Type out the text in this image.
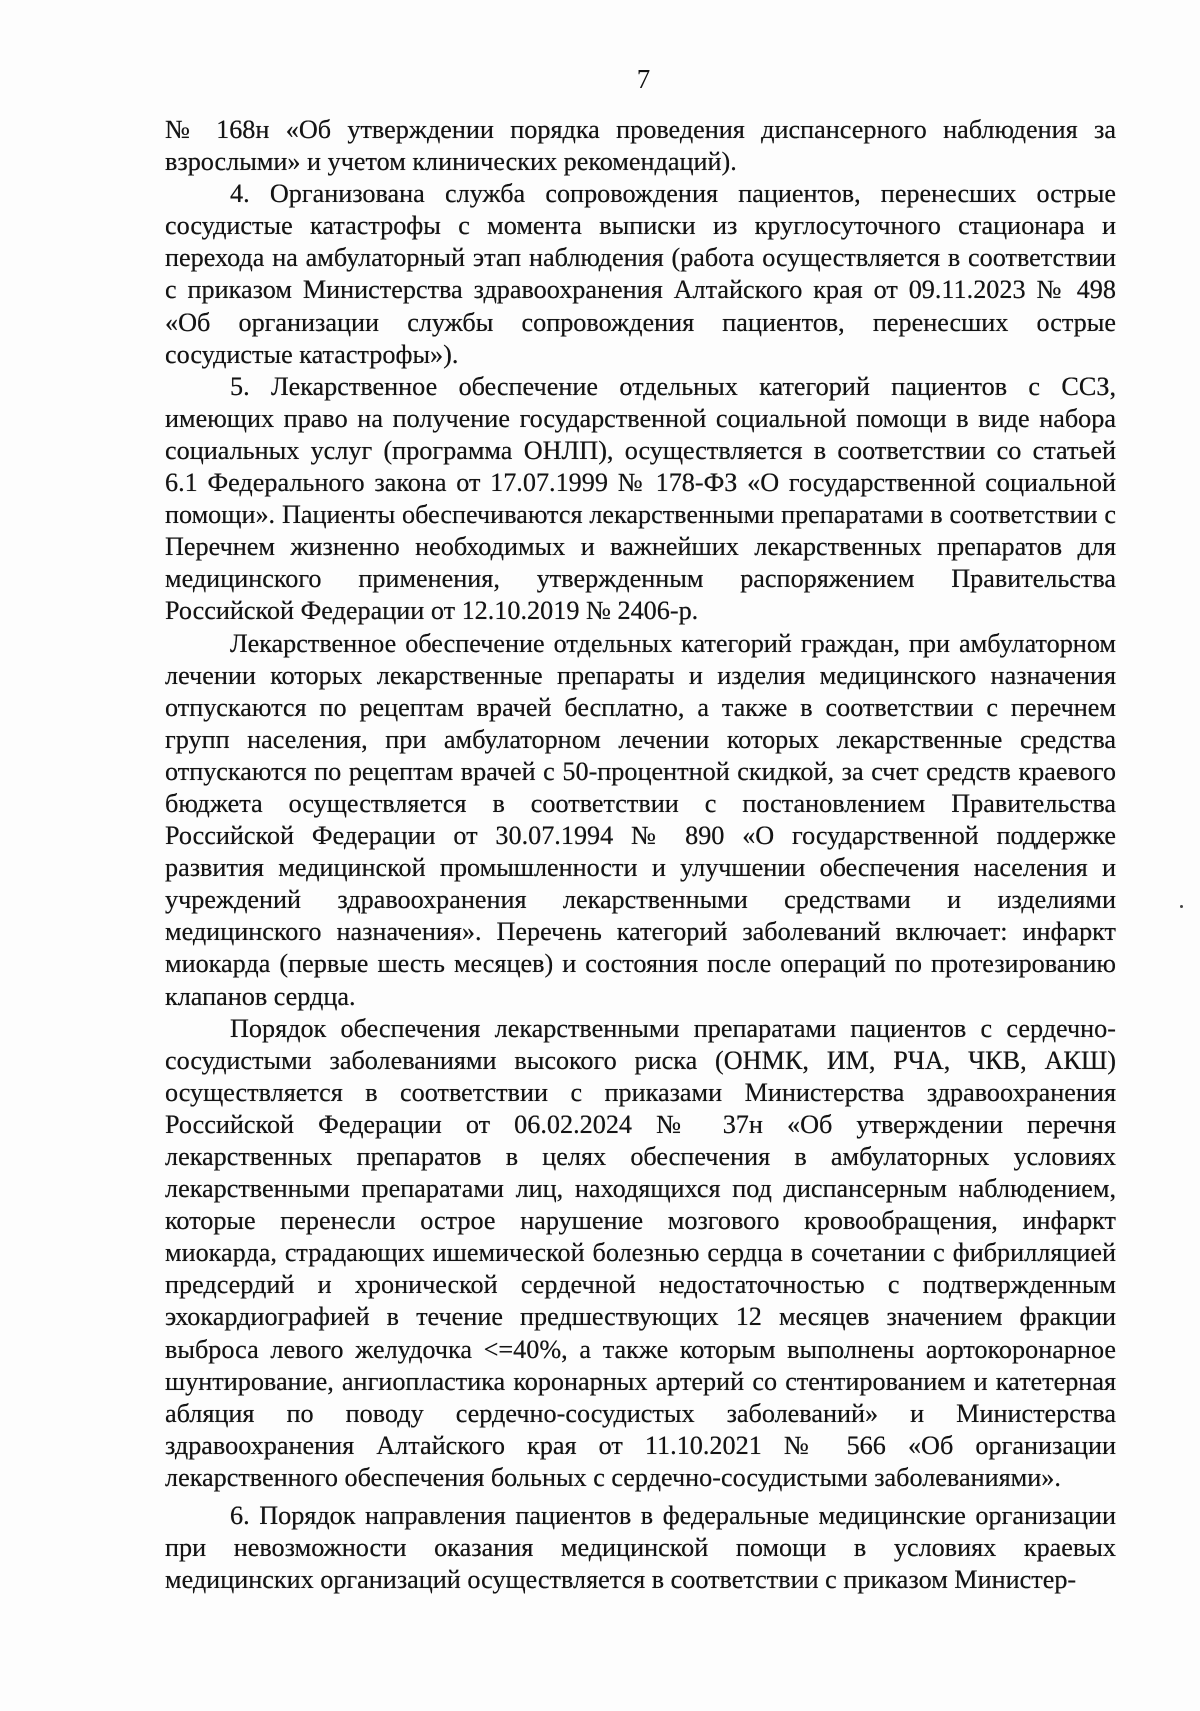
7

№ 168н «Об утверждении порядка проведения диспансерного наблюдения за взрослыми» и учетом клинических рекомендаций).

4. Организована служба сопровождения пациентов, перенесших острые сосудистые катастрофы с момента выписки из круглосуточного стационара и перехода на амбулаторный этап наблюдения (работа осуществляется в соответствии с приказом Министерства здравоохранения Алтайского края от 09.11.2023 № 498 «Об организации службы сопровождения пациентов, перенесших острые сосудистые катастрофы»).

5. Лекарственное обеспечение отдельных категорий пациентов с ССЗ, имеющих право на получение государственной социальной помощи в виде набора социальных услуг (программа ОНЛП), осуществляется в соответствии со статьей 6.1 Федерального закона от 17.07.1999 № 178-ФЗ «О государственной социальной помощи». Пациенты обеспечиваются лекарственными препаратами в соответствии с Перечнем жизненно необходимых и важнейших лекарственных препаратов для медицинского применения, утвержденным распоряжением Правительства Российской Федерации от 12.10.2019 № 2406-р.

Лекарственное обеспечение отдельных категорий граждан, при амбулаторном лечении которых лекарственные препараты и изделия медицинского назначения отпускаются по рецептам врачей бесплатно, а также в соответствии с перечнем групп населения, при амбулаторном лечении которых лекарственные средства отпускаются по рецептам врачей с 50-процентной скидкой, за счет средств краевого бюджета осуществляется в соответствии с постановлением Правительства Российской Федерации от 30.07.1994 № 890 «О государственной поддержке развития медицинской промышленности и улучшении обеспечения населения и учреждений здравоохранения лекарственными средствами и изделиями медицинского назначения». Перечень категорий заболеваний включает: инфаркт миокарда (первые шесть месяцев) и состояния после операций по протезированию клапанов сердца.

Порядок обеспечения лекарственными препаратами пациентов с сердечно-сосудистыми заболеваниями высокого риска (ОНМК, ИМ, РЧА, ЧКВ, АКШ) осуществляется в соответствии с приказами Министерства здравоохранения Российской Федерации от 06.02.2024 № 37н «Об утверждении перечня лекарственных препаратов в целях обеспечения в амбулаторных условиях лекарственными препаратами лиц, находящихся под диспансерным наблюдением, которые перенесли острое нарушение мозгового кровообращения, инфаркт миокарда, страдающих ишемической болезнью сердца в сочетании с фибрилляцией предсердий и хронической сердечной недостаточностью с подтвержденным эхокардиографией в течение предшествующих 12 месяцев значением фракции выброса левого желудочка <=40%, а также которым выполнены аортокоронарное шунтирование, ангиопластика коронарных артерий со стентированием и катетерная абляция по поводу сердечно-сосудистых заболеваний» и Министерства здравоохранения Алтайского края от 11.10.2021 № 566 «Об организации лекарственного обеспечения больных с сердечно-сосудистыми заболеваниями».

6. Порядок направления пациентов в федеральные медицинские организации при невозможности оказания медицинской помощи в условиях краевых медицинских организаций осуществляется в соответствии с приказом Министер-
